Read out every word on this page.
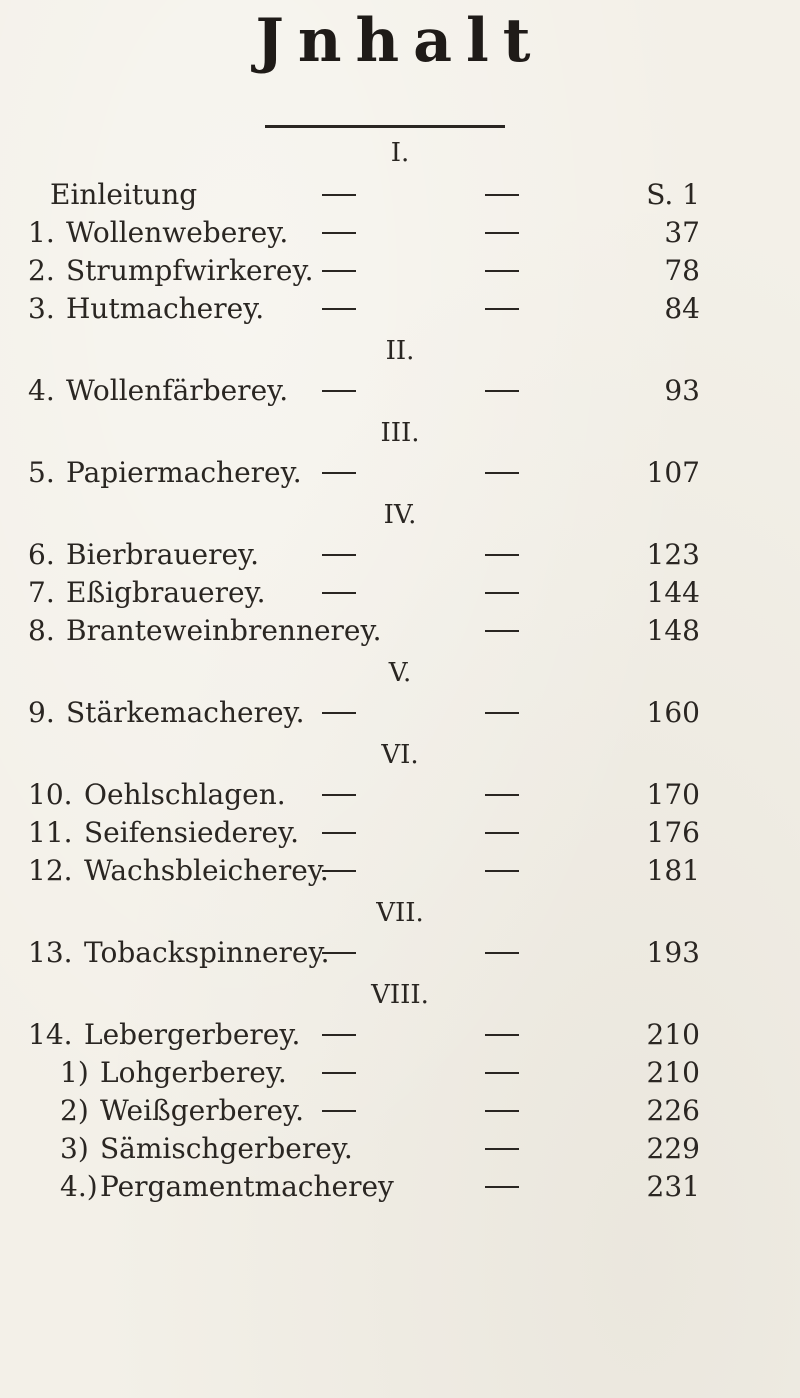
Jnhalt
I.
Einleitung	S. 1
1. Wollenweberey.	37
2. Strumpfwirkerey.	78
3. Hutmacherey.	84
II.
4. Wollenfärberey.	93
III.
5. Papiermacherey.	107
IV.
6. Bierbrauerey.	123
7. Eßigbrauerey.	144
8. Branteweinbrennerey.	148
V.
9. Stärkemacherey.	160
VI.
10. Oehlschlagen.	170
11. Seifensiederey.	176
12. Wachsbleicherey.	181
VII.
13. Tobackspinnerey.	193
VIII.
14. Lebergerberey.	210
1) Lohgerberey.	210
2) Weißgerberey.	226
3) Sämischgerberey.	229
4.) Pergamentmacherey	231
